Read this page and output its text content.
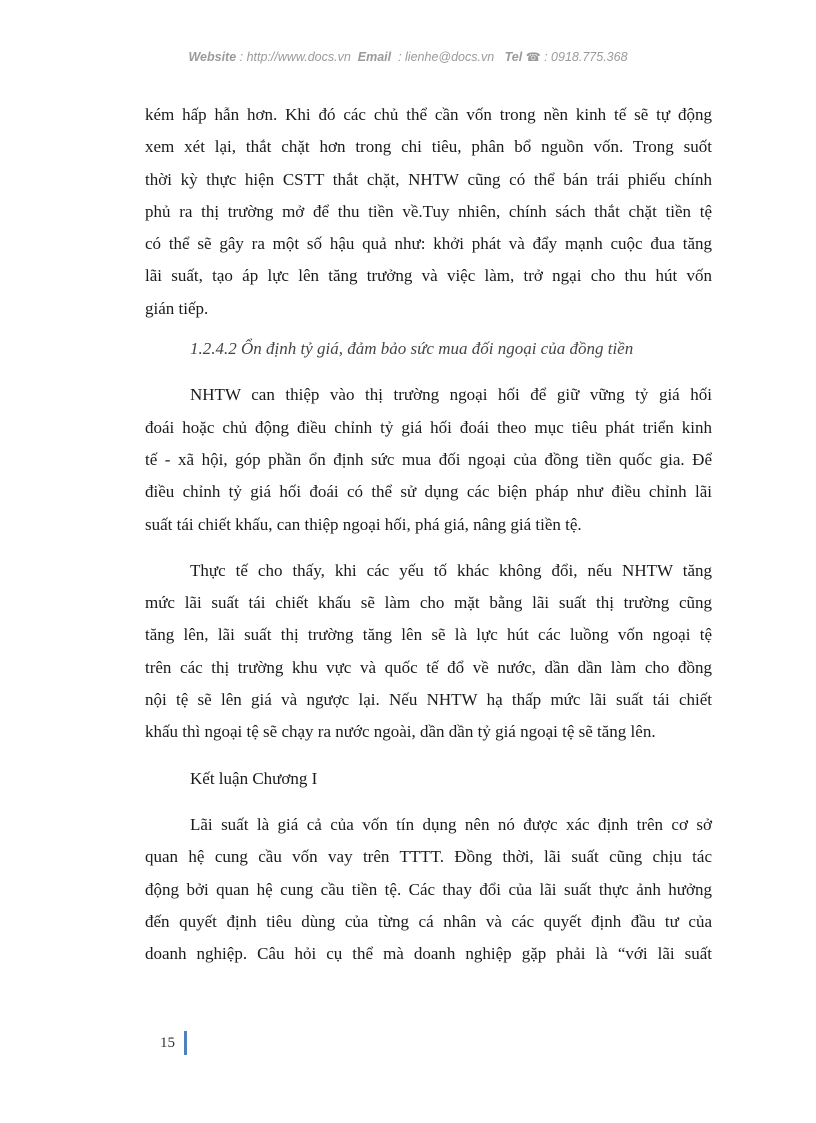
Website : http://www.docs.vn Email  : lienhe@docs.vn Tel ☎ : 0918.775.368

kém hấp hẫn hơn. Khi đó các chủ thể cần vốn trong nền kinh tế sẽ tự động

xem xét lại, thắt chặt hơn trong chi tiêu, phân bổ nguồn vốn. Trong suốt

thời kỳ thực hiện CSTT thắt chặt, NHTW cũng có thể bán trái phiếu chính

phủ ra thị trường mở để thu tiền về.Tuy nhiên, chính sách thắt chặt tiền tệ

có thể sẽ gây ra một số hậu quả như: khởi phát và đẩy mạnh cuộc đua tăng

lãi suất, tạo áp lực lên tăng trưởng và việc làm, trở ngại cho thu hút vốn

gián tiếp.

1.2.4.2 Ổn định tỷ giá, đảm bảo sức mua đối ngoại của đồng tiền

NHTW can thiệp vào thị trường ngoại hối để giữ vững tỷ giá hối

đoái hoặc chủ động điều chỉnh tỷ giá hối đoái theo mục tiêu phát triển kinh

tế - xã hội, góp phần ổn định sức mua đối ngoại của đồng tiền quốc gia. Để

điều chỉnh tỷ giá hối đoái có thể sử dụng các biện pháp như điều chỉnh lãi

suất tái chiết khấu, can thiệp ngoại hối, phá giá, nâng giá tiền tệ.

Thực tế cho thấy, khi các yếu tố khác không đổi, nếu NHTW tăng

mức lãi suất tái chiết khấu sẽ làm cho mặt bằng lãi suất thị trường cũng

tăng lên, lãi suất thị trường tăng lên sẽ là lực hút các luồng vốn ngoại tệ

trên các thị trường khu vực và quốc tế đổ về nước, dần dần làm cho đồng

nội tệ sẽ lên giá và ngược lại. Nếu NHTW hạ thấp mức lãi suất tái chiết

khấu thì ngoại tệ sẽ chạy ra nước ngoài, dần dần tỷ giá ngoại tệ sẽ tăng lên.

Kết luận Chương I

Lãi suất là giá cả của vốn tín dụng nên nó được xác định trên cơ sở

quan hệ cung cầu vốn vay trên TTTT. Đồng thời, lãi suất cũng chịu tác

động bởi quan hệ cung cầu tiền tệ. Các thay đổi của lãi suất thực ảnh hưởng

đến quyết định tiêu dùng của từng cá nhân và các quyết định đầu tư của

doanh nghiệp. Câu hỏi cụ thể mà doanh nghiệp gặp phải là “với lãi suất

15
